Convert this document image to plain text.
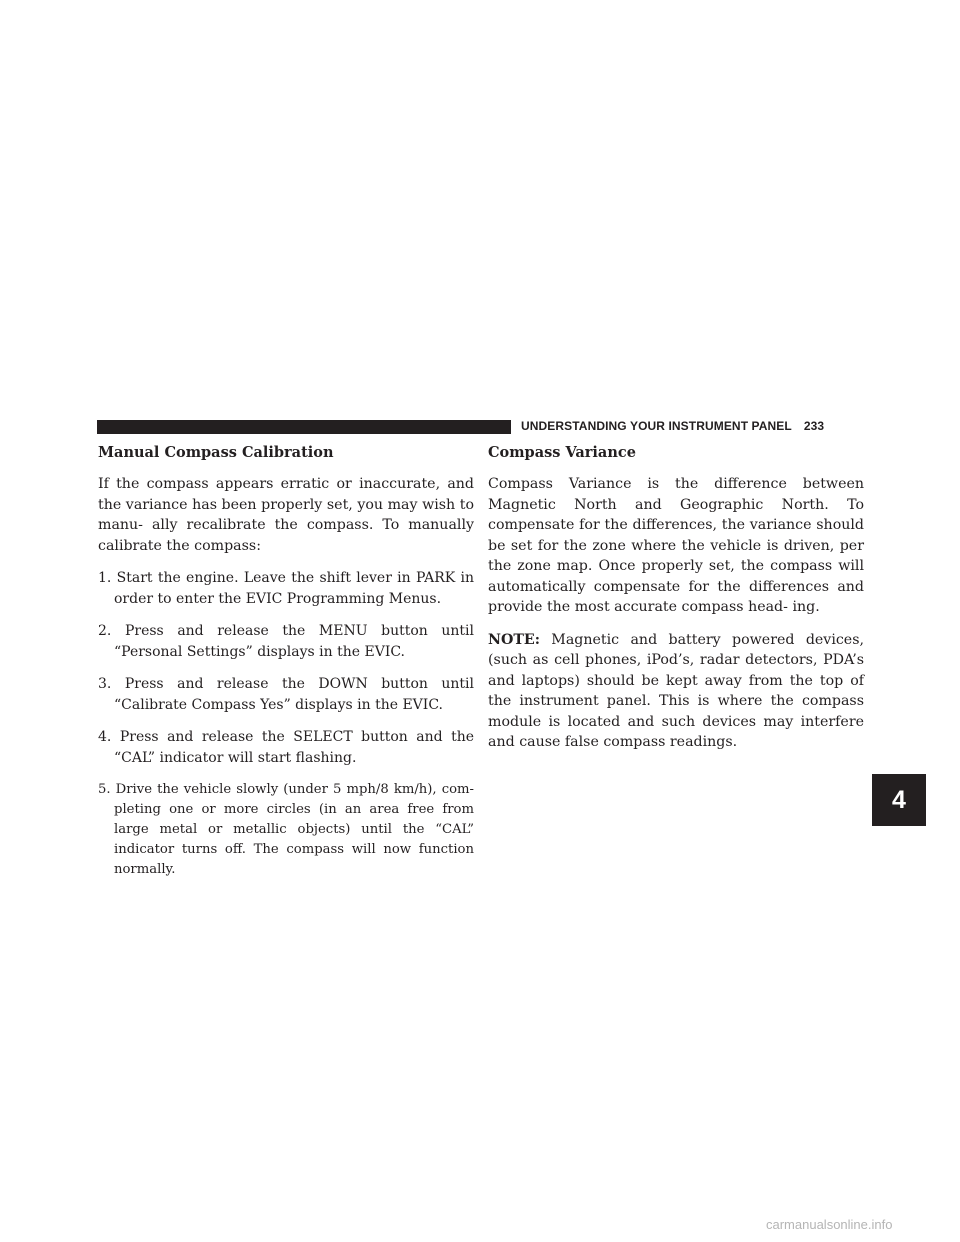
UNDERSTANDING YOUR INSTRUMENT PANEL 233
Manual Compass Calibration

If the compass appears erratic or inaccurate, and the variance has been properly set, you may wish to manu- ally recalibrate the compass. To manually calibrate the compass:

1. Start the engine. Leave the shift lever in PARK in order to enter the EVIC Programming Menus.
2. Press and release the MENU button until “Personal Settings” displays in the EVIC.
3. Press and release the DOWN button until “Calibrate Compass Yes” displays in the EVIC.
4. Press and release the SELECT button and the “CAL” indicator will start flashing.
5. Drive the vehicle slowly (under 5 mph/8 km/h), com- pleting one or more circles (in an area free from large metal or metallic objects) until the “CAL” indicator turns off. The compass will now function normally.
Compass Variance

Compass Variance is the difference between Magnetic North and Geographic North. To compensate for the differences, the variance should be set for the zone where the vehicle is driven, per the zone map. Once properly set, the compass will automatically compensate for the differences and provide the most accurate compass head- ing.

NOTE: Magnetic and battery powered devices, (such as cell phones, iPod’s, radar detectors, PDA’s and laptops) should be kept away from the top of the instrument panel. This is where the compass module is located and such devices may interfere and cause false compass readings.

4
carmanualsonline.info
